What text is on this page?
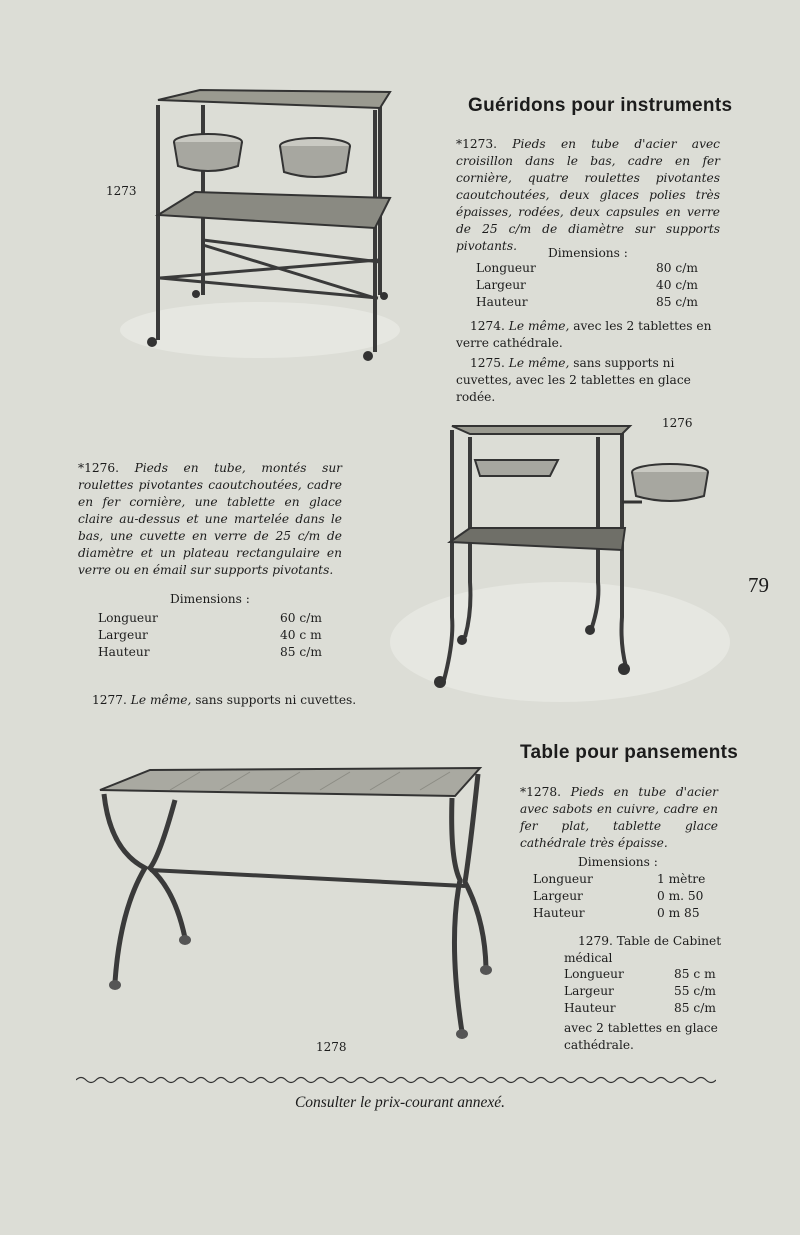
1273
Guéridons pour instruments
*1273. Pieds en tube d'acier avec croisillon dans le bas, cadre en fer cornière, quatre roulettes pivotantes caoutchoutées, deux glaces polies très épaisses, rodées, deux capsules en verre de 25 c/m de diamètre sur supports pivotants.	Dimensions :
Longueur	80 c/m
Largeur	40 c/m
Hauteur	85 c/m
1274. Le même, avec les 2 tablettes en verre cathédrale.
1275. Le même, sans supports ni cuvettes, avec les 2 tablettes en glace rodée.
1276
*1276. Pieds en tube, montés sur roulettes pivotantes caoutchoutées, cadre en fer cornière, une tablette en glace claire au-dessus et une martelée dans le bas, une cuvette en verre de 25 c/m de diamètre et un plateau rectangulaire en verre ou en émail sur supports pivotants.
Dimensions :
Longueur	60 c/m
Largeur	40 c m
Hauteur	85 c/m
1277. Le même, sans supports ni cuvettes.
79
Table pour pansements
1278
*1278. Pieds en tube d'acier avec sabots en cuivre, cadre en fer plat, tablette glace cathédrale très épaisse.
Dimensions :
Longueur	1 mètre
Largeur	0 m. 50
Hauteur	0 m 85
1279. Table de Cabinet médical
Longueur	85 c m
Largeur	55 c/m
Hauteur	85 c/m
avec 2 tablettes en glace cathédrale.
Consulter le prix-courant annexé.
